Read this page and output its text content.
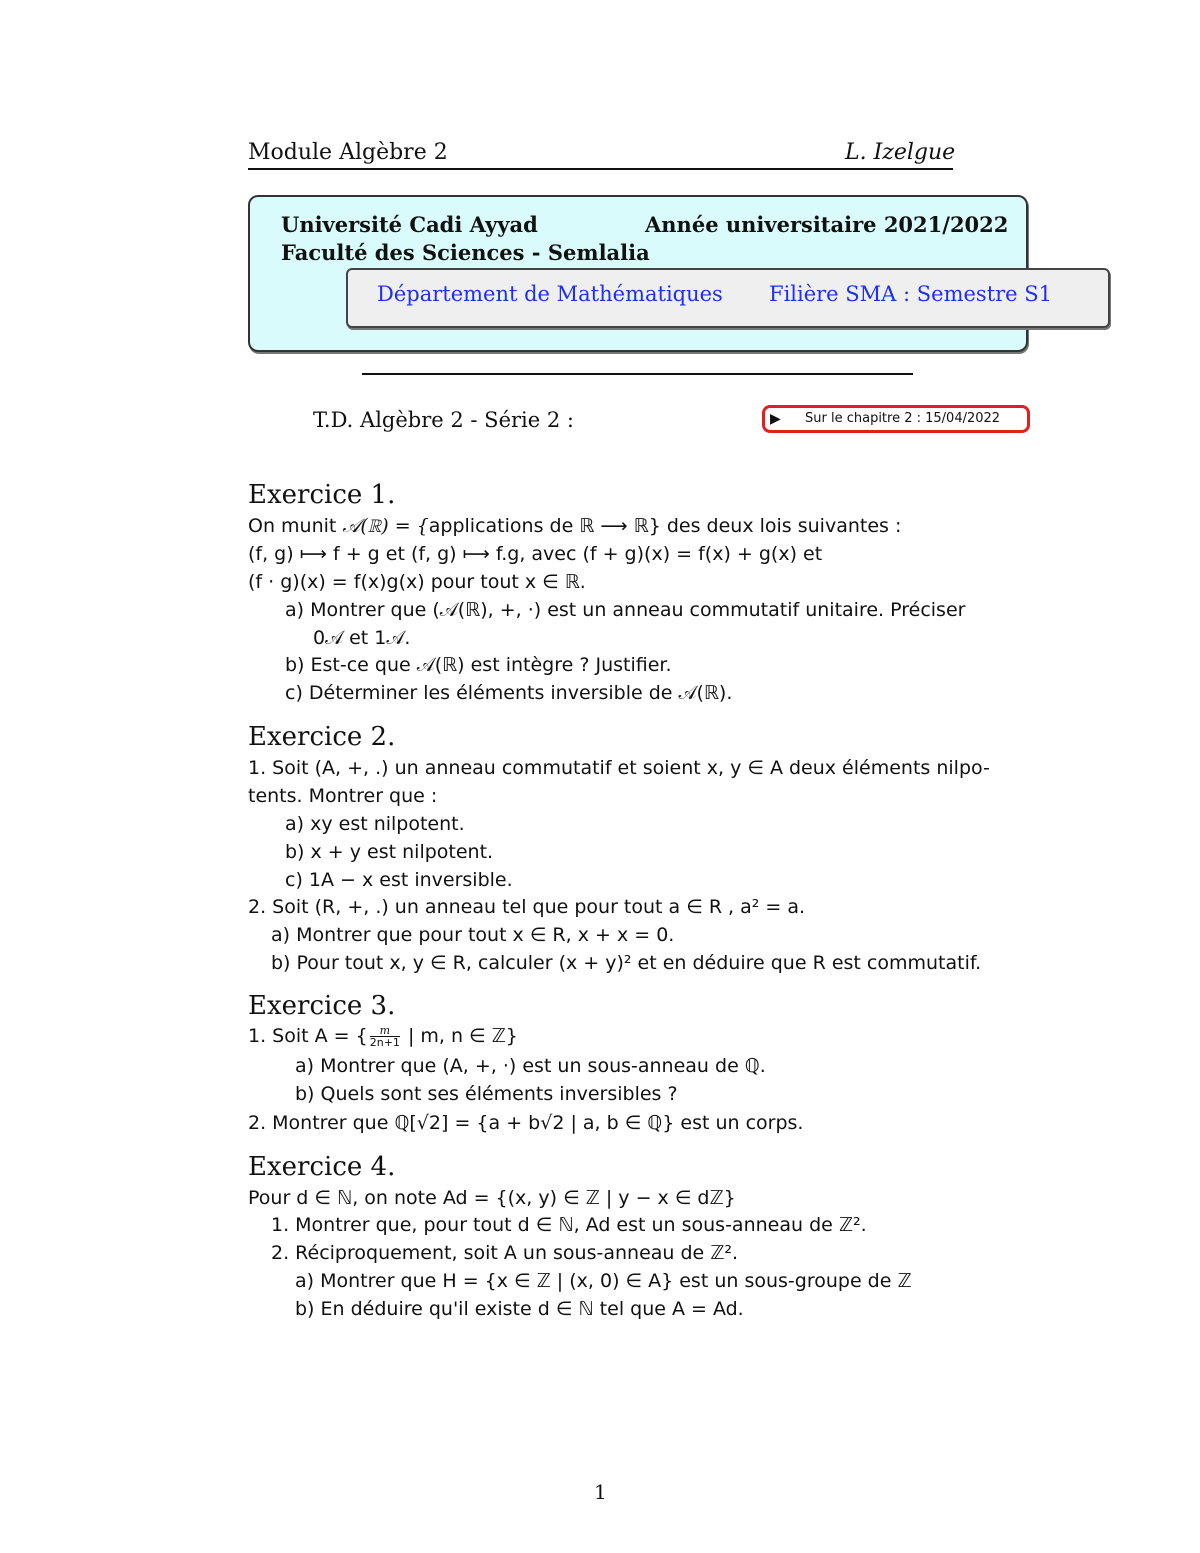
Module Algèbre 2	L. Izelgue
Université Cadi Ayyad	Année universitaire 2021/2022
Faculté des Sciences - Semlalia
Département de Mathématiques Filière SMA : Semestre S1
T.D. Algèbre 2 - Série 2 :	▶ Sur le chapitre 2 : 15/04/2022
Exercice 1.
On munit 𝒜(ℝ) = {applications de ℝ ⟶ ℝ} des deux lois suivantes :
(f, g) ⟼ f + g et (f, g) ⟼ f.g, avec (f + g)(x) = f(x) + g(x) et
(f · g)(x) = f(x)g(x) pour tout x ∈ ℝ.
a) Montrer que (𝒜(ℝ), +, ·) est un anneau commutatif unitaire. Préciser
0𝒜 et 1𝒜.
b) Est-ce que 𝒜(ℝ) est intègre ? Justifier.
c) Déterminer les éléments inversible de 𝒜(ℝ).
Exercice 2.
1. Soit (A, +, .) un anneau commutatif et soient x, y ∈ A deux éléments nilpo-
tents. Montrer que :
a) xy est nilpotent.
b) x + y est nilpotent.
c) 1A − x est inversible.
2. Soit (R, +, .) un anneau tel que pour tout a ∈ R , a² = a.
a) Montrer que pour tout x ∈ R, x + x = 0.
b) Pour tout x, y ∈ R, calculer (x + y)² et en déduire que R est commutatif.
Exercice 3.
1. Soit A = { $\frac{m}{2n+1}$ | m, n ∈ ℤ}
a) Montrer que (A, +, ·) est un sous-anneau de ℚ.
b) Quels sont ses éléments inversibles ?
2. Montrer que ℚ[√2] = {a + b√2 | a, b ∈ ℚ} est un corps.
Exercice 4.
Pour d ∈ ℕ, on note Ad = {(x, y) ∈ ℤ | y − x ∈ dℤ}
1. Montrer que, pour tout d ∈ ℕ, Ad est un sous-anneau de ℤ².
2. Réciproquement, soit A un sous-anneau de ℤ².
a) Montrer que H = {x ∈ ℤ | (x, 0) ∈ A} est un sous-groupe de ℤ
b) En déduire qu'il existe d ∈ ℕ tel que A = Ad.
1
